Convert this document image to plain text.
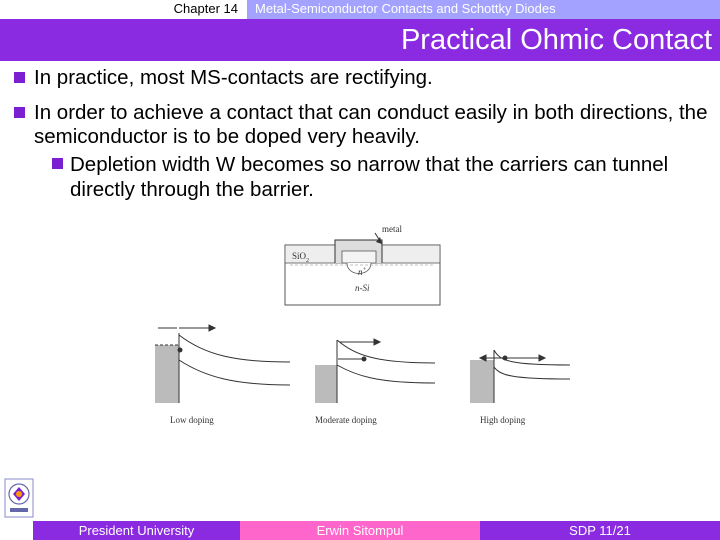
Chapter 14	Metal-Semiconductor Contacts and Schottky Diodes
Practical Ohmic Contact
In practice, most MS-contacts are rectifying.
In order to achieve a contact that can conduct easily in both directions, the semiconductor is to be doped very heavily.
Depletion width W becomes so narrow that the carriers can tunnel directly through the barrier.
metal
SiO$_2$
n+
n-Si
Low doping	Moderate doping	High doping
President University	Erwin Sitompul	SDP 11/21
